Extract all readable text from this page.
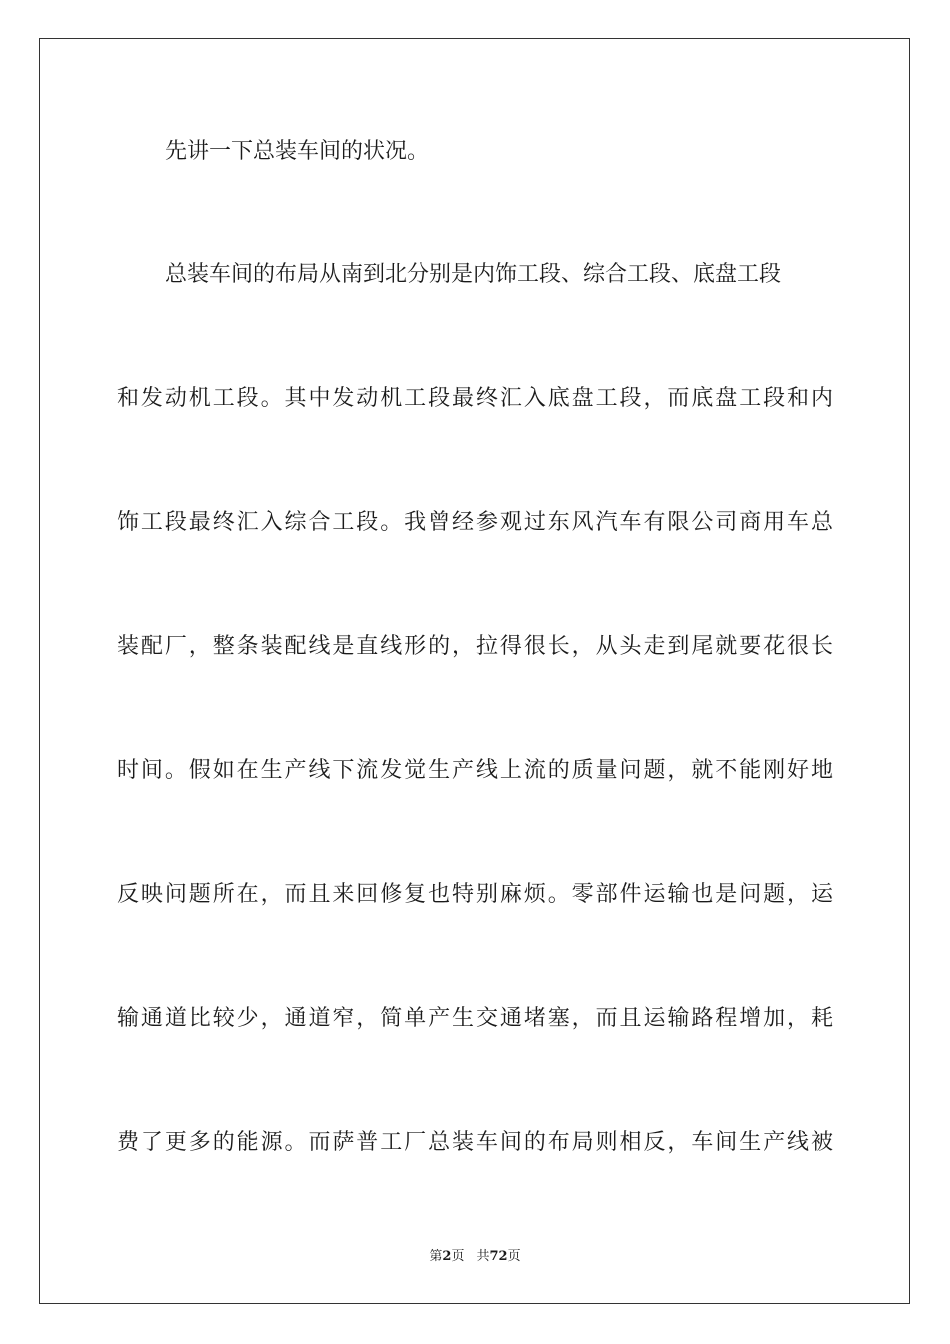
先讲一下总装车间的状况。
总装车间的布局从南到北分别是内饰工段、综合工段、底盘工段
和发动机工段。其中发动机工段最终汇入底盘工段，而底盘工段和内
饰工段最终汇入综合工段。我曾经参观过东风汽车有限公司商用车总
装配厂，整条装配线是直线形的，拉得很长，从头走到尾就要花很长
时间。假如在生产线下流发觉生产线上流的质量问题，就不能刚好地
反映问题所在，而且来回修复也特别麻烦。零部件运输也是问题，运
输通道比较少，通道窄，简单产生交通堵塞，而且运输路程增加，耗
费了更多的能源。而萨普工厂总装车间的布局则相反，车间生产线被
第2页 共72页
